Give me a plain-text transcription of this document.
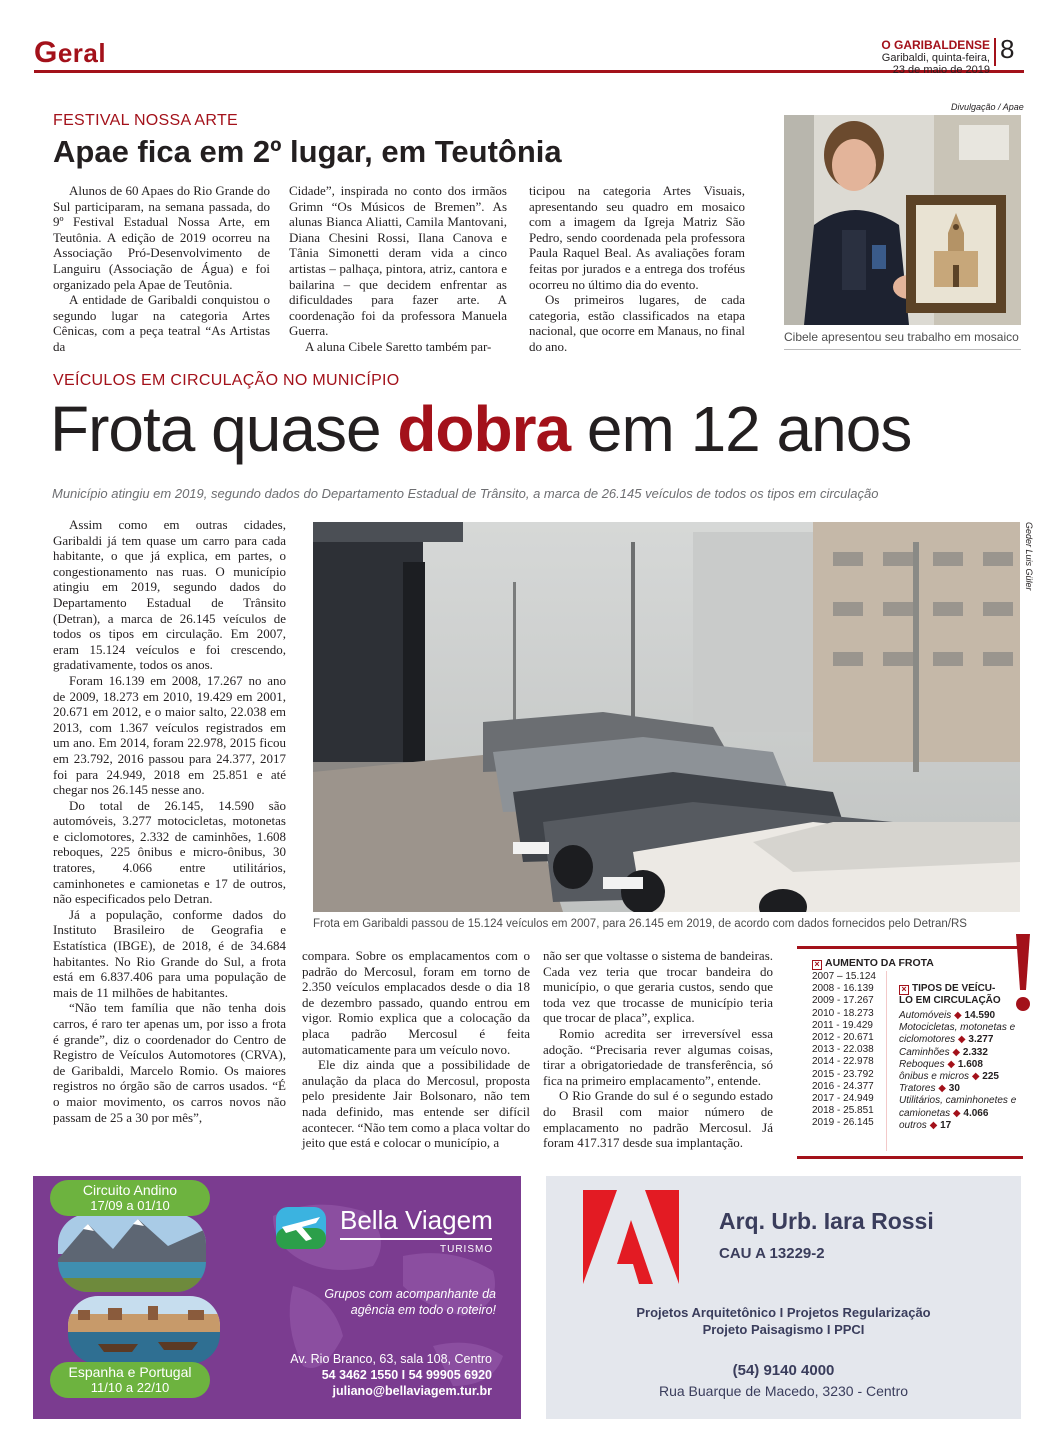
Geral	O GARIBALDENSE
Garibaldi, quinta-feira,
23 de maio de 2019
8
FESTIVAL NOSSA ARTE
Apae fica em 2º lugar, em Teutônia

Alunos de 60 Apaes do Rio Grande do Sul participaram, na semana passada, do 9º Festival Estadual Nossa Arte, em Teutônia. A edição de 2019 ocorreu na Associação Pró-Desenvolvimento de Languiru (Associação de Água) e foi organizado pela Apae de Teutônia.

A entidade de Garibaldi conquistou o segundo lugar na categoria Artes Cênicas, com a peça teatral “As Artistas da

Cidade”, inspirada no conto dos irmãos Grimn “Os Músicos de Bremen”. As alunas Bianca Aliatti, Camila Mantovani, Diana Chesini Rossi, Ilana Canova e Tânia Simonetti deram vida a cinco artistas – palhaça, pintora, atriz, cantora e bailarina – que decidem enfrentar as dificuldades para fazer arte. A coordenação foi da professora Manuela Guerra.

A aluna Cibele Saretto também par-

ticipou na categoria Artes Visuais, apresentando seu quadro em mosaico com a imagem da Igreja Matriz São Pedro, sendo coordenada pela professora Paula Raquel Beal. As avaliações foram feitas por jurados e a entrega dos troféus ocorreu no último dia do evento.

Os primeiros lugares, de cada categoria, estão classificados na etapa nacional, que ocorre em Manaus, no final do ano.

Divulgação / Apae
Cibele apresentou seu trabalho em mosaico
VEÍCULOS EM CIRCULAÇÃO NO MUNICÍPIO
Frota quase dobra em 12 anos
Município atingiu em 2019, segundo dados do Departamento Estadual de Trânsito, a marca de 26.145 veículos de todos os tipos em circulação

Assim como em outras cidades, Garibaldi já tem quase um carro para cada habitante, o que já explica, em partes, o congestionamento nas ruas. O município atingiu em 2019, segundo dados do Departamento Estadual de Trânsito (Detran), a marca de 26.145 veículos de todos os tipos em circulação. Em 2007, eram 15.124 veículos e foi crescendo, gradativamente, todos os anos.

Foram 16.139 em 2008, 17.267 no ano de 2009, 18.273 em 2010, 19.429 em 2001, 20.671 em 2012, e o maior salto, 22.038 em 2013, com 1.367 veículos registrados em um ano. Em 2014, foram 22.978, 2015 ficou em 23.792, 2016 passou para 24.377, 2017 foi para 24.949, 2018 em 25.851 e até chegar nos 26.145 nesse ano.

Do total de 26.145, 14.590 são automóveis, 3.277 motocicletas, motonetas e ciclomotores, 2.332 de caminhões, 1.608 reboques, 225 ônibus e micro-ônibus, 30 tratores, 4.066 entre utilitários, caminhonetes e camionetas e 17 de outros, não especificados pelo Detran.

Já a população, conforme dados do Instituto Brasileiro de Geografia e Estatística (IBGE), de 2018, é de 34.684 habitantes. No Rio Grande do Sul, a frota está em 6.837.406 para uma população de mais de 11 milhões de habitantes.

“Não tem família que não tenha dois carros, é raro ter apenas um, por isso a frota é grande”, diz o coordenador do Centro de Registro de Veículos Automotores (CRVA), de Garibaldi, Marcelo Romio. Os maiores registros no órgão são de carros usados. “É o maior movimento, os carros novos não passam de 25 a 30 por mês”,

compara. Sobre os emplacamentos com o padrão do Mercosul, foram em torno de 2.350 veículos emplacados desde o dia 18 de dezembro passado, quando entrou em vigor. Romio explica que a colocação da placa padrão Mercosul é feita automaticamente para um veículo novo.

Ele diz ainda que a possibilidade de anulação da placa do Mercosul, proposta pelo presidente Jair Bolsonaro, não tem nada definido, mas entende ser difícil acontecer. “Não tem como a placa voltar do jeito que está e colocar o município, a

não ser que voltasse o sistema de bandeiras. Cada vez teria que trocar bandeira do município, o que geraria custos, sendo que toda vez que trocasse de município teria que trocar de placa”, explica.

Romio acredita ser irreversível essa adoção. “Precisaria rever algumas coisas, tirar a obrigatoriedade de transferência, só fica na primeiro emplacamento”, entende.

O Rio Grande do sul é o segundo estado do Brasil com maior número de emplacamento no padrão Mercosul. Já foram 417.317 desde sua implantação.

Geder Luis Güler
Frota em Garibaldi passou de 15.124 veículos em 2007, para 26.145 em 2019, de acordo com dados fornecidos pelo Detran/RS
× AUMENTO DA FROTA
2007 – 15.124
2008 - 16.139
2009 - 17.267
2010 - 18.273
2011 - 19.429
2012 - 20.671
2013 - 22.038
2014 - 22.978
2015 - 23.792
2016 - 24.377
2017 - 24.949
2018 - 25.851
2019 - 26.145
× TIPOS DE VEÍCU-
LO EM CIRCULAÇÃO
Automóveis ◆ 14.590
Motocicletas, motonetas e ciclomotores ◆ 3.277
Caminhões ◆ 2.332
Reboques ◆ 1.608
ônibus e micros ◆ 225
Tratores ◆ 30
Utilitários, caminhonetes e camionetas ◆ 4.066
outros ◆ 17
Circuito Andino
17/09 a 01/10
Espanha e Portugal
11/10 a 22/10
Bella Viagem
TURISMO
Grupos com acompanhante da
agência em todo o roteiro!
Av. Rio Branco, 63, sala 108, Centro
54 3462 1550 I 54 99905 6920
juliano@bellaviagem.tur.br
Arq. Urb. Iara Rossi
CAU A 13229-2
Projetos Arquitetônico I Projetos Regularização
Projeto Paisagismo I PPCI
(54) 9140 4000
Rua Buarque de Macedo, 3230 - Centro
